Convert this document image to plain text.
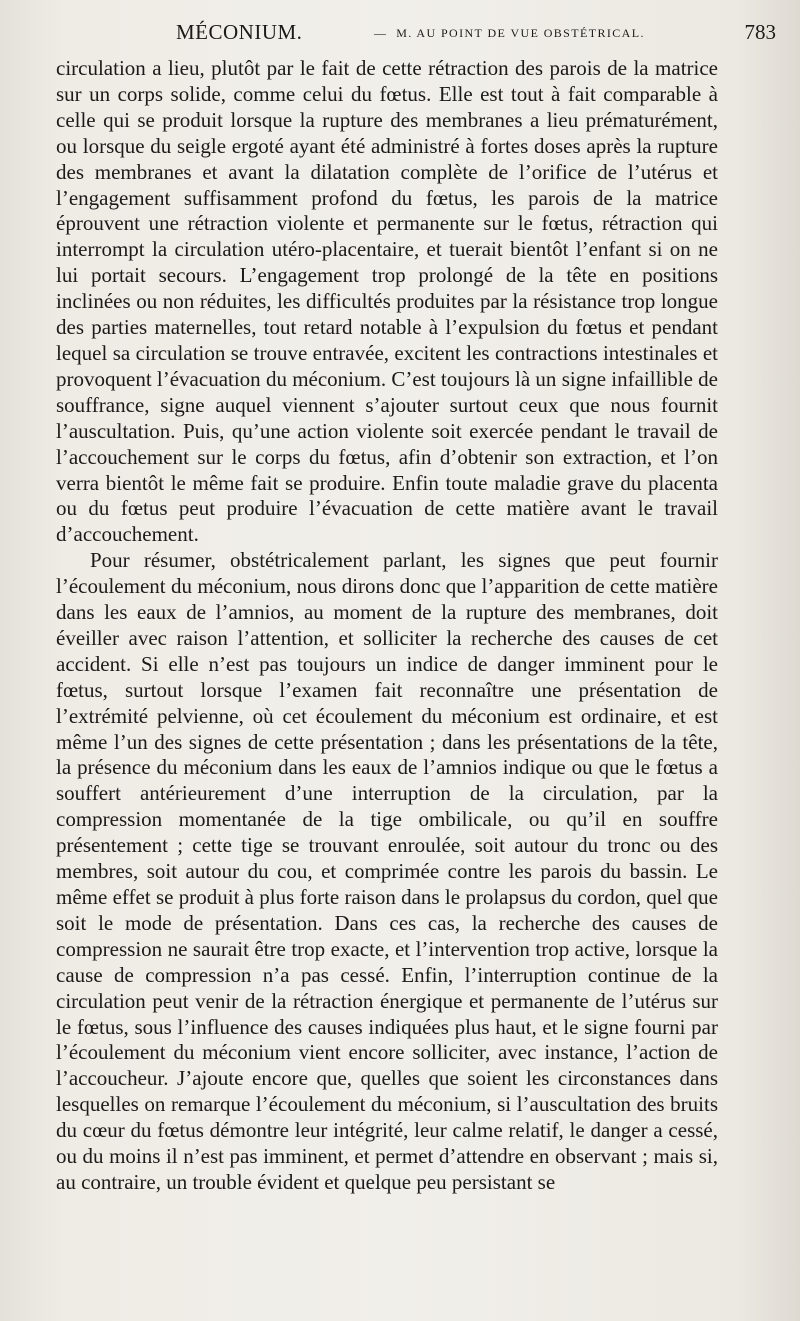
MÉCONIUM.	— M. AU POINT DE VUE OBSTÉTRICAL.	783

circulation a lieu, plutôt par le fait de cette rétraction des parois de la matrice sur un corps solide, comme celui du fœtus. Elle est tout à fait comparable à celle qui se produit lorsque la rupture des membranes a lieu prématurément, ou lorsque du seigle ergoté ayant été administré à fortes doses après la rupture des membranes et avant la dilatation complète de l’orifice de l’utérus et l’engagement suffisamment profond du fœtus, les parois de la matrice éprouvent une rétraction violente et permanente sur le fœtus, rétraction qui interrompt la circulation utéro-placentaire, et tuerait bientôt l’enfant si on ne lui portait secours. L’engagement trop prolongé de la tête en positions inclinées ou non réduites, les difficultés produites par la résistance trop longue des parties maternelles, tout retard notable à l’expulsion du fœtus et pendant lequel sa circulation se trouve entravée, excitent les contractions intestinales et provoquent l’évacuation du méconium. C’est toujours là un signe infaillible de souffrance, signe auquel viennent s’ajouter surtout ceux que nous fournit l’auscultation. Puis, qu’une action violente soit exercée pendant le travail de l’accouchement sur le corps du fœtus, afin d’obtenir son extraction, et l’on verra bientôt le même fait se produire. Enfin toute maladie grave du placenta ou du fœtus peut produire l’évacuation de cette matière avant le travail d’accouchement.

Pour résumer, obstétricalement parlant, les signes que peut fournir l’écoulement du méconium, nous dirons donc que l’apparition de cette matière dans les eaux de l’amnios, au moment de la rupture des membranes, doit éveiller avec raison l’attention, et solliciter la recherche des causes de cet accident. Si elle n’est pas toujours un indice de danger imminent pour le fœtus, surtout lorsque l’examen fait reconnaître une présentation de l’extrémité pelvienne, où cet écoulement du méconium est ordinaire, et est même l’un des signes de cette présentation ; dans les présentations de la tête, la présence du méconium dans les eaux de l’amnios indique ou que le fœtus a souffert antérieurement d’une interruption de la circulation, par la compression momentanée de la tige ombilicale, ou qu’il en souffre présentement ; cette tige se trouvant enroulée, soit autour du tronc ou des membres, soit autour du cou, et comprimée contre les parois du bassin. Le même effet se produit à plus forte raison dans le prolapsus du cordon, quel que soit le mode de présentation. Dans ces cas, la recherche des causes de compression ne saurait être trop exacte, et l’intervention trop active, lorsque la cause de compression n’a pas cessé. Enfin, l’interruption continue de la circulation peut venir de la rétraction énergique et permanente de l’utérus sur le fœtus, sous l’influence des causes indiquées plus haut, et le signe fourni par l’écoulement du méconium vient encore solliciter, avec instance, l’action de l’accoucheur. J’ajoute encore que, quelles que soient les circonstances dans lesquelles on remarque l’écoulement du méconium, si l’auscultation des bruits du cœur du fœtus démontre leur intégrité, leur calme relatif, le danger a cessé, ou du moins il n’est pas imminent, et permet d’attendre en observant ; mais si, au contraire, un trouble évident et quelque peu persistant se
